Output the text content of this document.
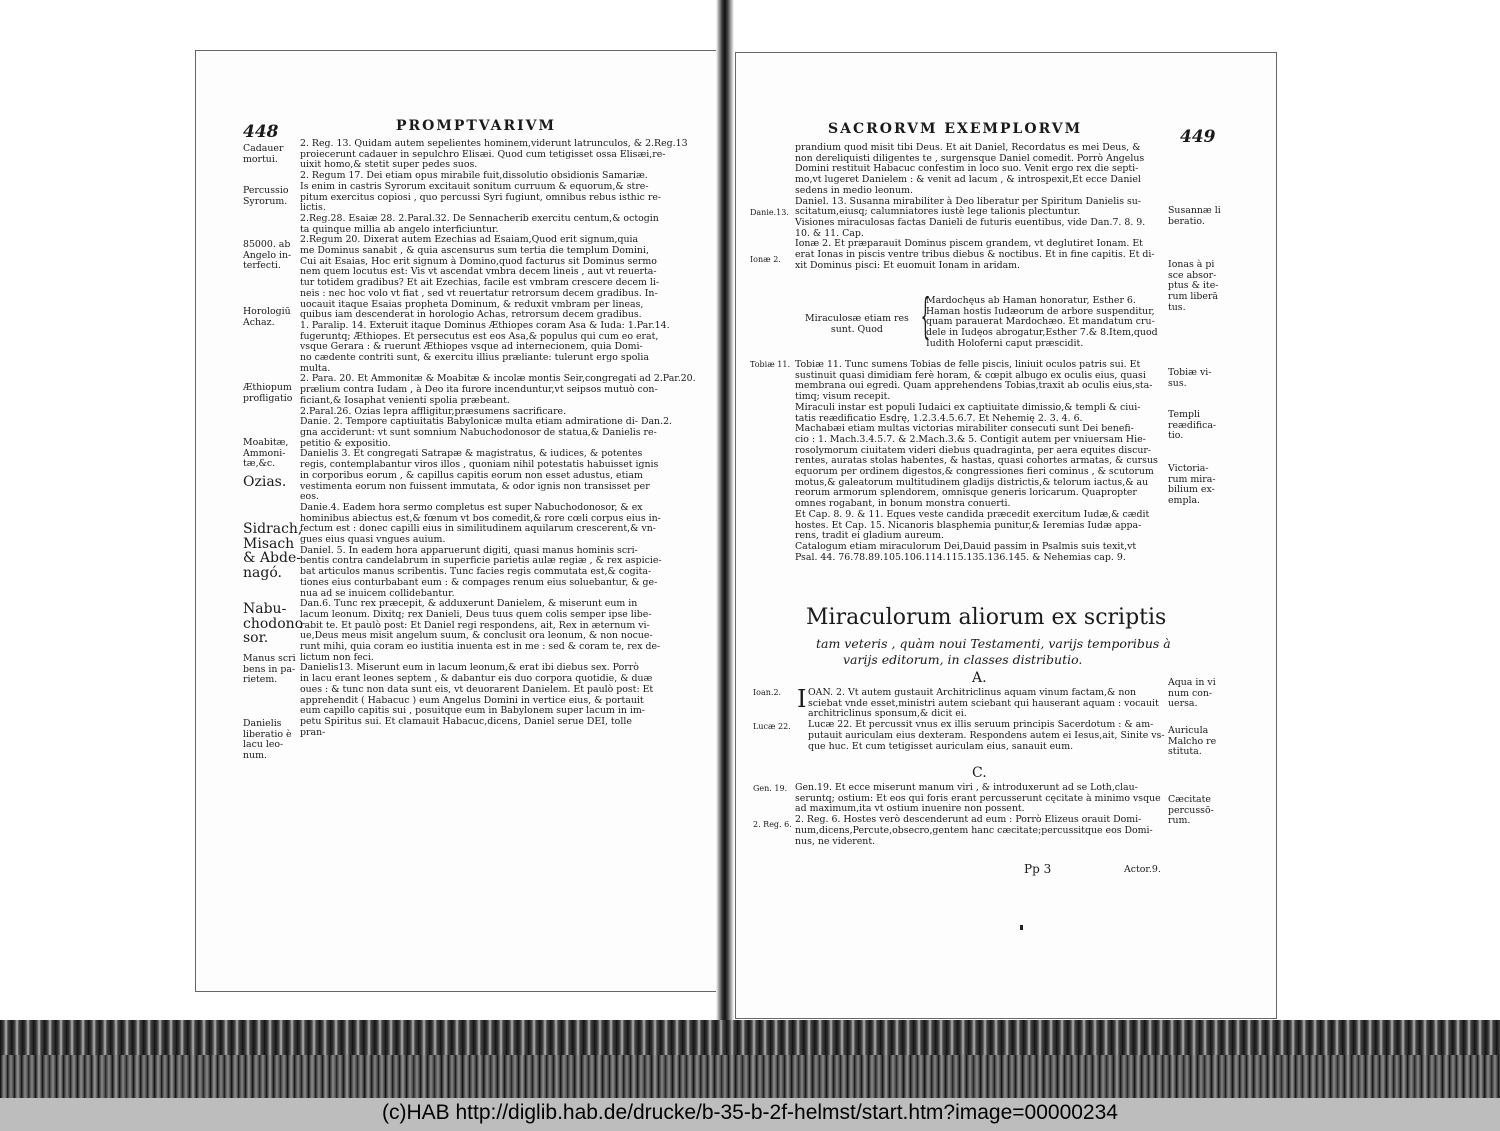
448	PROMPTVARIVM
2. Reg. 13. Quidam autem sepelientes hominem,viderunt latrunculos, & 2.Reg.13
proiecerunt cadauer in sepulchro Elisæi. Quod cum tetigisset ossa Elisæi,re-
uixit homo,& stetit super pedes suos.
2. Regum 17. Dei etiam opus mirabile fuit,dissolutio obsidionis Samariæ.
Is enim in castris Syrorum excitauit sonitum curruum & equorum,& stre-
pitum exercitus copiosi , quo percussi Syri fugiunt, omnibus rebus isthic re-
lictis.
2.Reg.28. Esaiæ 28. 2.Paral.32. De Sennacherib exercitu centum,& octogin
ta quinque millia ab angelo interficiuntur.
2.Regum 20. Dixerat autem Ezechias ad Esaiam,Quod erit signum,quia
me Dominus sanabit , & quia ascensurus sum tertia die templum Domini,
Cui ait Esaias, Hoc erit signum à Domino,quod facturus sit Dominus sermo
nem quem locutus est: Vis vt ascendat vmbra decem lineis , aut vt reuerta-
tur totidem gradibus? Et ait Ezechias, facile est vmbram crescere decem li-
neis : nec hoc volo vt fiat , sed vt reuertatur retrorsum decem gradibus. In-
uocauit itaque Esaias propheta Dominum, & reduxit vmbram per lineas,
quibus iam descenderat in horologio Achas, retrorsum decem gradibus.
1. Paralip. 14. Exteruit itaque Dominus Æthiopes coram Asa & Iuda: 1.Par.14.
fugeruntq; Æthiopes. Et persecutus est eos Asa,& populus qui cum eo erat,
vsque Gerara : & ruerunt Æthiopes vsque ad internecionem, quia Domi-
no cædente contriti sunt, & exercitu illius præliante: tulerunt ergo spolia
multa.
2. Para. 20. Et Ammonitæ & Moabitæ & incolæ montis Seir,congregati ad 2.Par.20.
prælium contra Iudam , à Deo ita furore incenduntur,vt seipsos mutuò con-
ficiant,& Iosaphat venienti spolia præbeant.
2.Paral.26. Ozias lepra affligitur,præsumens sacrificare.
Danie. 2. Tempore captiuitatis Babylonicæ multa etiam admiratione di- Dan.2.
gna acciderunt: vt sunt somnium Nabuchodonosor de statua,& Danielis re-
petitio & expositio.
Danielis 3. Et congregati Satrapæ & magistratus, & iudices, & potentes
regis, contemplabantur viros illos , quoniam nihil potestatis habuisset ignis
in corporibus eorum , & capillus capitis eorum non esset adustus, etiam
vestimenta eorum non fuissent immutata, & odor ignis non transisset per
eos.
Danie.4. Eadem hora sermo completus est super Nabuchodonosor, & ex
hominibus abiectus est,& fœnum vt bos comedit,& rore cœli corpus eius in-
fectum est : donec capilli eius in similitudinem aquilarum crescerent,& vn-
gues eius quasi vngues auium.
Daniel. 5. In eadem hora apparuerunt digiti, quasi manus hominis scri-
bentis contra candelabrum in superficie parietis aulæ regiæ , & rex aspicie-
bat articulos manus scribentis. Tunc facies regis commutata est,& cogita-
tiones eius conturbabant eum : & compages renum eius soluebantur, & ge-
nua ad se inuicem collidebantur.
Dan.6. Tunc rex præcepit, & adduxerunt Danielem, & miserunt eum in
lacum leonum. Dixitq; rex Danieli, Deus tuus quem colis semper ipse libe-
rabit te. Et paulò post: Et Daniel regi respondens, ait, Rex in æternum vi-
ue,Deus meus misit angelum suum, & conclusit ora leonum, & non nocue-
runt mihi, quia coram eo iustitia inuenta est in me : sed & coram te, rex de-
lictum non feci.
Danielis13. Miserunt eum in lacum leonum,& erat ibi diebus sex. Porrò
in lacu erant leones septem , & dabantur eis duo corpora quotidie, & duæ
oues : & tunc non data sunt eis, vt deuorarent Danielem. Et paulò post: Et
apprehendit ( Habacuc ) eum Angelus Domini in vertice eius, & portauit
eum capillo capitis sui , posuitque eum in Babylonem super lacum in im-
petu Spiritus sui. Et clamauit Habacuc,dicens, Daniel serue DEI, tolle
pran-
Cadauer
mortui.
Percussio
Syrorum.
85000. ab
Angelo in-
terfecti.
Horologiū
Achaz.
Æthiopum
profligatio
Moabitæ,
Ammoni-
tæ,&c.
Ozias.
Sidrach,
Misach
& Abde-
nagó.
Nabu-
chodono
sor.
Manus scri
bens in pa-
rietem.
Danielis
liberatio è
lacu leo-
num.
SACRORVM EXEMPLORVM	449
prandium quod misit tibi Deus. Et ait Daniel, Recordatus es mei Deus, &
non dereliquisti diligentes te , surgensque Daniel comedit. Porrò Angelus
Domini restituit Habacuc confestim in loco suo. Venit ergo rex die septi-
mo,vt lugeret Danielem : & venit ad lacum , & introspexit,Et ecce Daniel
sedens in medio leonum.
Daniel. 13. Susanna mirabiliter à Deo liberatur per Spiritum Danielis su-
scitatum,eiusq; calumniatores iustè lege talionis plectuntur.
Visiones miraculosas factas Danieli de futuris euentibus, vide Dan.7. 8. 9.
10. & 11. Cap.
Ionæ 2. Et præparauit Dominus piscem grandem, vt deglutiret Ionam. Et
erat Ionas in piscis ventre tribus diebus & noctibus. Et in fine capitis. Et di-
xit Dominus pisci: Et euomuit Ionam in aridam.
Miraculosæ etiam res
sunt. Quod {
Mardochęus ab Haman honoratur, Esther 6.
Haman hostis Iudæorum de arbore suspenditur,
quam parauerat Mardochæo. Et mandatum cru-
dele in Iudęos abrogatur,Esther 7.& 8.Item,quod
Iudith Holoferni caput præscidit.
Tobiæ 11. Tunc sumens Tobias de felle piscis, liniuit oculos patris sui. Et
sustinuit quasi dimidiam ferè horam, & cœpit albugo ex oculis eius, quasi
membrana oui egredi. Quam apprehendens Tobias,traxit ab oculis eius,sta-
timq; visum recepit.
Miraculi instar est populi Iudaici ex captiuitate dimissio,& templi & ciui-
tatis reædificatio Esdrę, 1.2.3.4.5.6.7. Et Nehemię 2. 3. 4. 6.
Machabæi etiam multas victorias mirabiliter consecuti sunt Dei benefi-
cio : 1. Mach.3.4.5.7. & 2.Mach.3.& 5. Contigit autem per vniuersam Hie-
rosolymorum ciuitatem videri diebus quadraginta, per aera equites discur-
rentes, auratas stolas habentes, & hastas, quasi cohortes armatas, & cursus
equorum per ordinem digestos,& congressiones fieri cominus , & scutorum
motus,& galeatorum multitudinem gladijs districtis,& telorum iactus,& au
reorum armorum splendorem, omnisque generis loricarum. Quapropter
omnes rogabant, in bonum monstra conuerti.
Et Cap. 8. 9. & 11. Eques veste candida præcedit exercitum Iudæ,& cædit
hostes. Et Cap. 15. Nicanoris blasphemia punitur,& Ieremias Iudæ appa-
rens, tradit ei gladium aureum.
Catalogum etiam miraculorum Dei,Dauid passim in Psalmis suis texit,vt
Psal. 44. 76.78.89.105.106.114.115.135.136.145. & Nehemias cap. 9.
Miraculorum aliorum ex scriptis
tam veteris , quàm noui Testamenti, varijs temporibus à
varijs editorum, in classes distributio.
A.
I OAN. 2. Vt autem gustauit Architriclinus aquam vinum factam,& non
sciebat vnde esset,ministri autem sciebant qui hauserant aquam : vocauit
architriclinus sponsum,& dicit ei.
Lucæ 22. Et percussit vnus ex illis seruum principis Sacerdotum : & am-
putauit auriculam eius dexteram. Respondens autem ei Iesus,ait, Sinite vs-
que huc. Et cum tetigisset auriculam eius, sanauit eum.
C.
Gen.19. Et ecce miserunt manum viri , & introduxerunt ad se Loth,clau-
seruntq; ostium: Et eos qui foris erant percusserunt cęcitate à minimo vsque
ad maximum,ita vt ostium inuenire non possent.
2. Reg. 6. Hostes verò descenderunt ad eum : Porrò Elizeus orauit Domi-
num,dicens,Percute,obsecro,gentem hanc cæcitate;percussitque eos Domi-
nus, ne viderent.
Pp 3	Actor.9.
Danie.13.
Ionæ 2.
Tobiæ 11.
Ioan.2.
Lucæ 22.
Gen. 19.
2. Reg. 6.
Susannæ li
beratio.
Ionas à pi
sce absor-
ptus & ite-
rum liberā
tus.
Tobiæ vi-
sus.
Templi
reædifica-
tio.
Victoria-
rum mira-
bilium ex-
empla.
Aqua in vi
num con-
uersa.
Auricula
Malcho re
stituta.
Cæcitate
percussō-
rum.
(c)HAB http://diglib.hab.de/drucke/b-35-b-2f-helmst/start.htm?image=00000234
